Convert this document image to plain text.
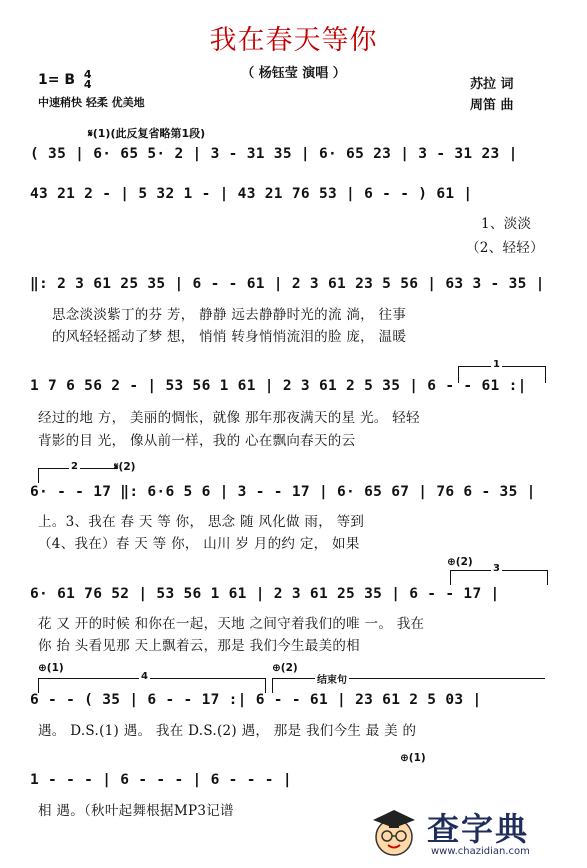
我在春天等你
（ 杨钰莹 演唱 ）
1= B 4
4
中速稍快 轻柔 优美地
苏拉 词
周笛 曲
𝄋(1)(此反复省略第1段)
( 35 | 6· 65 5· 2 | 3 - 31 35 | 6· 65 23 | 3 - 31 23 |
43 21 2 - | 5 32 1 - | 43 21 76 53 | 6 - - ) 61 |
1、淡淡
（2、轻轻）
‖: 2 3 61 25 35 | 6 - - 61 | 2 3 61 23 5 56 | 63 3 - 35 |
思念淡淡紫丁的芬 芳， 静静 远去静静时光的流 淌， 往事
的风轻轻摇动了梦 想， 悄悄 转身悄悄流泪的脸 庞， 温暖
1
1 7 6 56 2 - | 53 56 1 61 | 2 3 61 2 5 35 | 6 - - 61 :|
经过的地 方， 美丽的惆怅，就像 那年那夜满天的星 光。 轻轻
背影的目 光， 像从前一样，我的 心在飘向春天的云
2	𝄋(2)
6· - - 17 ‖: 6·6 5 6 | 3 - - 17 | 6· 65 67 | 76 6 - 35 |
上。3、我在 春 天 等 你， 思念 随 风化做 雨， 等到
（4、我在）春 天 等 你， 山川 岁 月的约 定， 如果
⊕(2)
3
6· 61 76 52 | 53 56 1 61 | 2 3 61 25 35 | 6 - - 17 |
花 又 开的时候 和你在一起，天地 之间守着我们的唯 一。 我在
你 抬 头看见那 天上飘着云，那是 我们今生最美的相
⊕(1)
4
⊕(2)
结束句
6 - - ( 35 | 6 - - 17 :| 6 - - 61 | 23 61 2 5 03 |
遇。 D.S.(1) 遇。 我在 D.S.(2) 遇， 那是 我们今生 最 美 的
⊕(1)
1 - - - | 6 - - - | 6 - - - |
相 遇。（秋叶起舞根据MP3记谱	查字典
www.chazidian.com
